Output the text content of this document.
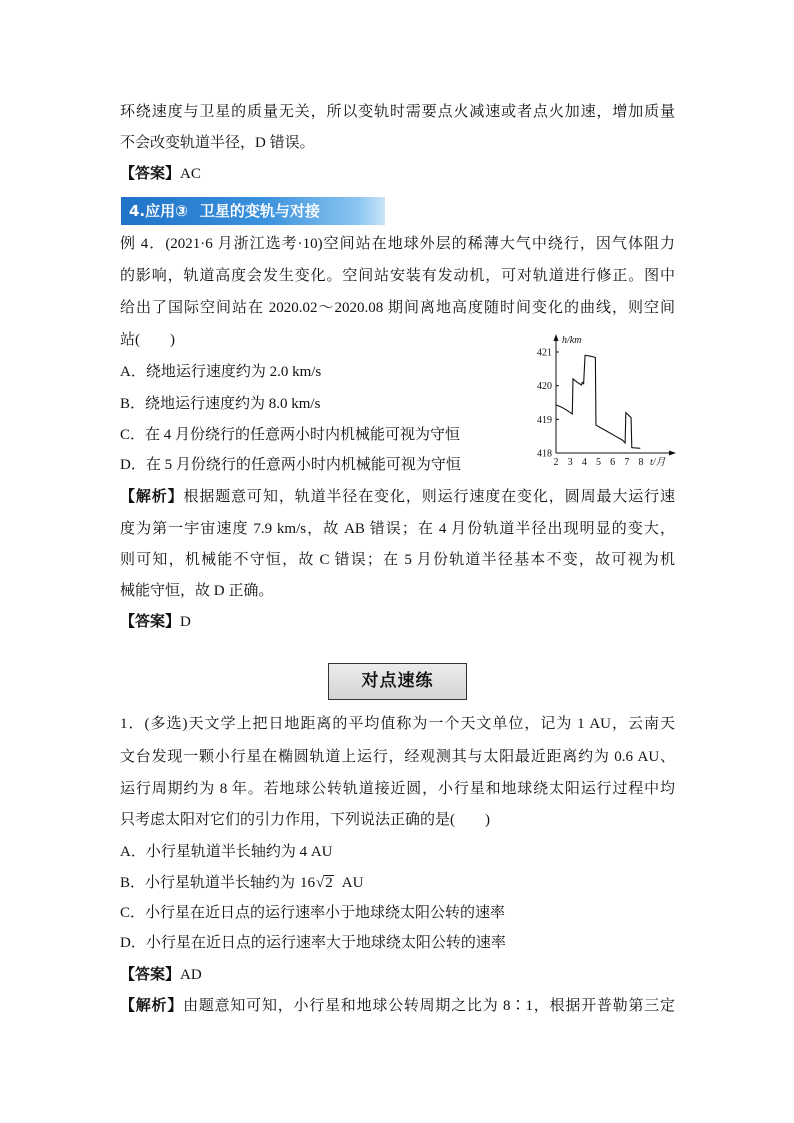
环绕速度与卫星的质量无关，所以变轨时需要点火减速或者点火加速，增加质量
不会改变轨道半径，D 错误。
【答案】AC
4.应用③ 卫星的变轨与对接
例 4．(2021·6 月浙江选考·10)空间站在地球外层的稀薄大气中绕行，因气体阻力
的影响，轨道高度会发生变化。空间站安装有发动机，可对轨道进行修正。图中
给出了国际空间站在 2020.02～2020.08 期间离地高度随时间变化的曲线，则空间
站(　　)
A．绕地运行速度约为 2.0 km/s
B．绕地运行速度约为 8.0 km/s
C．在 4 月份绕行的任意两小时内机械能可视为守恒
D．在 5 月份绕行的任意两小时内机械能可视为守恒
h/km
t/月
418
419
420
421
2 3 4 5 6 7 8
【解析】根据题意可知，轨道半径在变化，则运行速度在变化，圆周最大运行速
度为第一宇宙速度 7.9 km/s，故 AB 错误；在 4 月份轨道半径出现明显的变大，
则可知，机械能不守恒，故 C 错误；在 5 月份轨道半径基本不变，故可视为机
械能守恒，故 D 正确。
【答案】D
对点速练
1．(多选)天文学上把日地距离的平均值称为一个天文单位，记为 1 AU，云南天
文台发现一颗小行星在椭圆轨道上运行，经观测其与太阳最近距离约为 0.6 AU、
运行周期约为 8 年。若地球公转轨道接近圆，小行星和地球绕太阳运行过程中均
只考虑太阳对它们的引力作用，下列说法正确的是(　　)
A．小行星轨道半长轴约为 4 AU
B．小行星轨道半长轴约为 16√2 AU
C．小行星在近日点的运行速率小于地球绕太阳公转的速率
D．小行星在近日点的运行速率大于地球绕太阳公转的速率
【答案】AD
【解析】由题意知可知，小行星和地球公转周期之比为 8∶1，根据开普勒第三定
